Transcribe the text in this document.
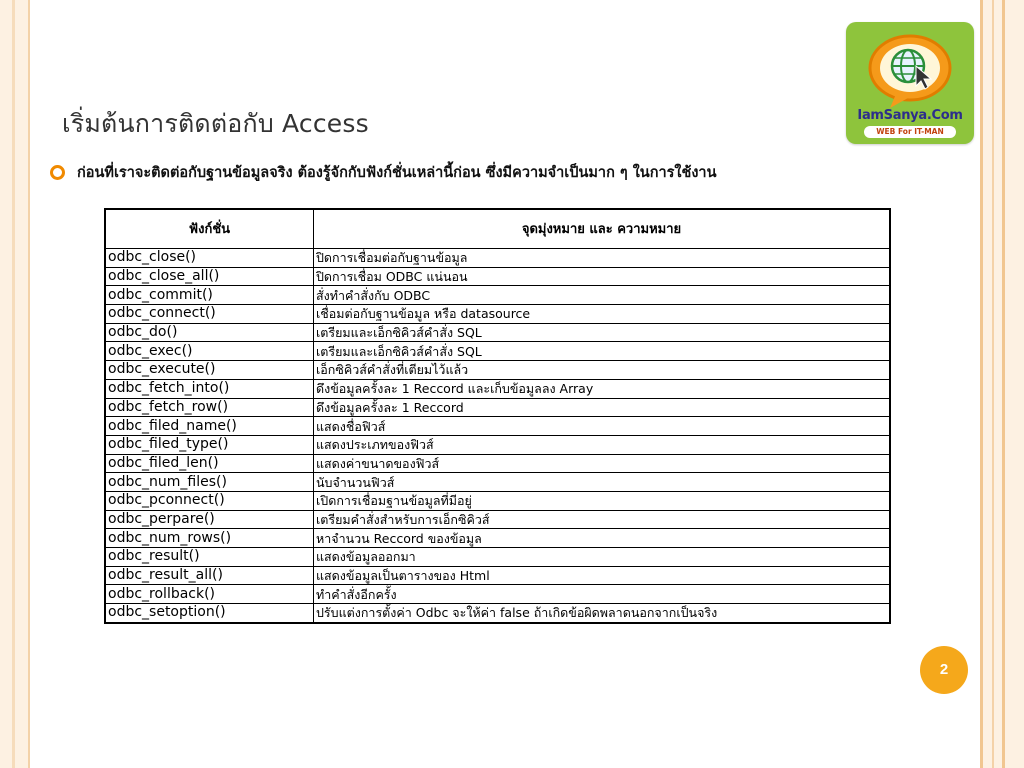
IamSanya.Com
WEB For IT-MAN
เริ่มต้นการติดต่อกับ Access
ก่อนที่เราจะติดต่อกับฐานข้อมูลจริง ต้องรู้จักกับฟังก์ชั่นเหล่านี้ก่อน ซึ่งมีความจำเป็นมาก ๆ ในการใช้งาน
ฟังก์ชั่น	จุดมุ่งหมาย และ ความหมาย
odbc_close()	ปิดการเชื่อมต่อกับฐานข้อมูล
odbc_close_all()	ปิดการเชื่อม ODBC แน่นอน
odbc_commit()	สั่งทำคำสั่งกับ ODBC
odbc_connect()	เชื่อมต่อกับฐานข้อมูล หรือ datasource
odbc_do()	เตรียมและเอ็กซิคิวส์คำสั่ง SQL
odbc_exec()	เตรียมและเอ็กซิคิวส์คำสั่ง SQL
odbc_execute()	เอ็กซิคิวส์คำสั่งที่เตียมไว้แล้ว
odbc_fetch_into()	ดึงข้อมูลครั้งละ 1 Reccord และเก็บข้อมูลลง Array
odbc_fetch_row()	ดึงข้อมูลครั้งละ 1 Reccord
odbc_filed_name()	แสดงชื่อฟิวส์
odbc_filed_type()	แสดงประเภทของฟิวส์
odbc_filed_len()	แสดงค่าขนาดของฟิวส์
odbc_num_files()	นับจำนวนฟิวส์
odbc_pconnect()	เปิดการเชื่อมฐานข้อมูลที่มีอยู่
odbc_perpare()	เตรียมคำสั่งสำหรับการเอ็กซิคิวส์
odbc_num_rows()	หาจำนวน Reccord ของข้อมูล
odbc_result()	แสดงข้อมูลออกมา
odbc_result_all()	แสดงข้อมูลเป็นตารางของ Html
odbc_rollback()	ทำคำสั่งอีกครั้ง
odbc_setoption()	ปรับแต่งการตั้งค่า Odbc จะให้ค่า false ถ้าเกิดข้อผิดพลาดนอกจากเป็นจริง
2
